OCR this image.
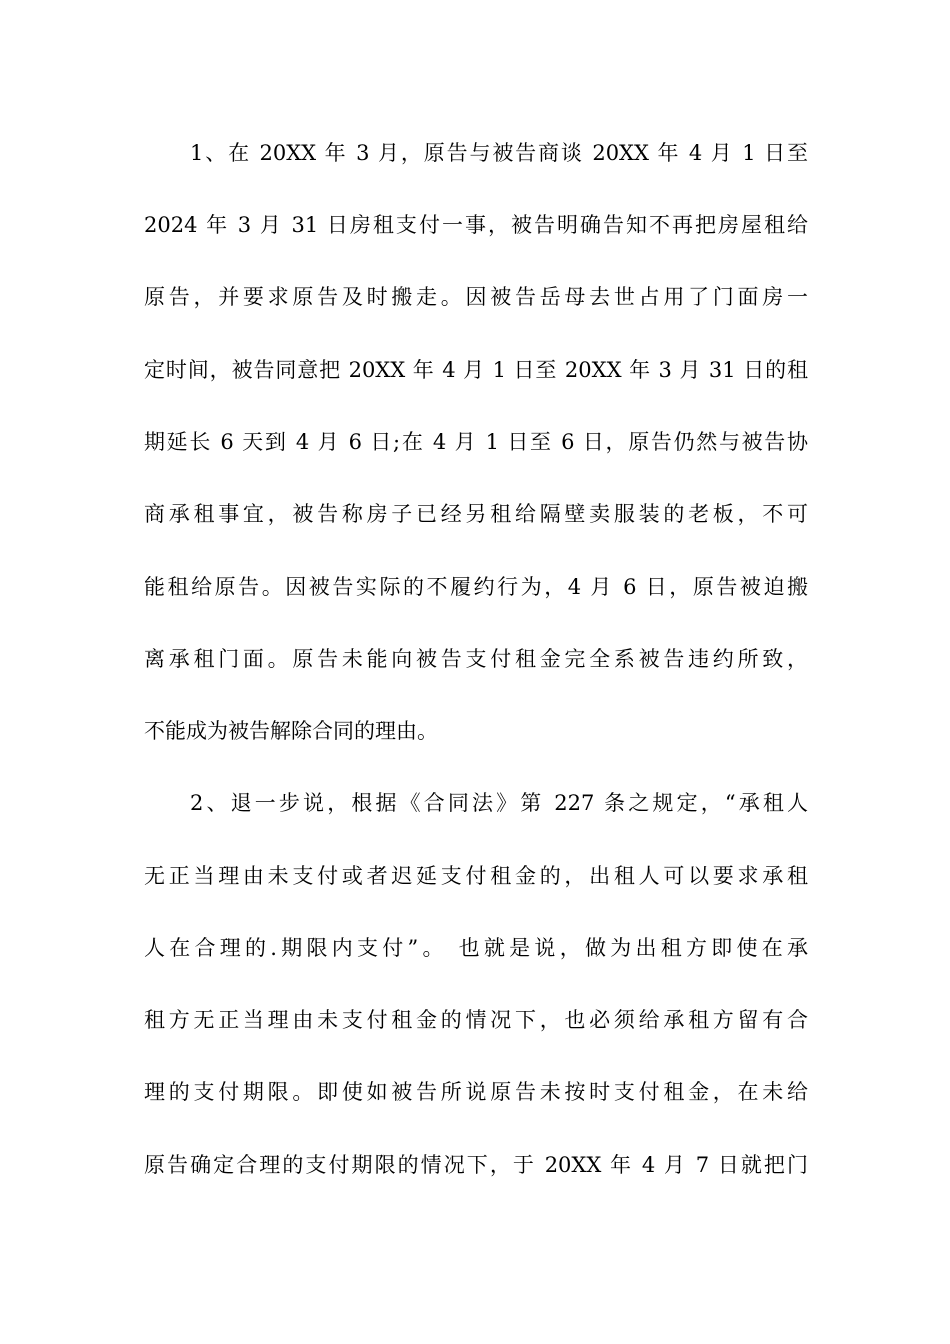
1、在 20XX 年 3 月，原告与被告商谈 20XX 年 4 月 1 日至
2024 年 3 月 31 日房租支付一事，被告明确告知不再把房屋租给
原告，并要求原告及时搬走。因被告岳母去世占用了门面房一
定时间，被告同意把 20XX 年 4 月 1 日至 20XX 年 3 月 31 日的租
期延长 6 天到 4 月 6 日;在 4 月 1 日至 6 日，原告仍然与被告协
商承租事宜，被告称房子已经另租给隔壁卖服装的老板，不可
能租给原告。因被告实际的不履约行为，4 月 6 日，原告被迫搬
离承租门面。原告未能向被告支付租金完全系被告违约所致，
不能成为被告解除合同的理由。
2、退一步说，根据《合同法》第 227 条之规定，“承租人
无正当理由未支付或者迟延支付租金的，出租人可以要求承租
人在合理的.期限内支付”。 也就是说，做为出租方即使在承
租方无正当理由未支付租金的情况下，也必须给承租方留有合
理的支付期限。即使如被告所说原告未按时支付租金，在未给
原告确定合理的支付期限的情况下，于 20XX 年 4 月 7 日就把门
